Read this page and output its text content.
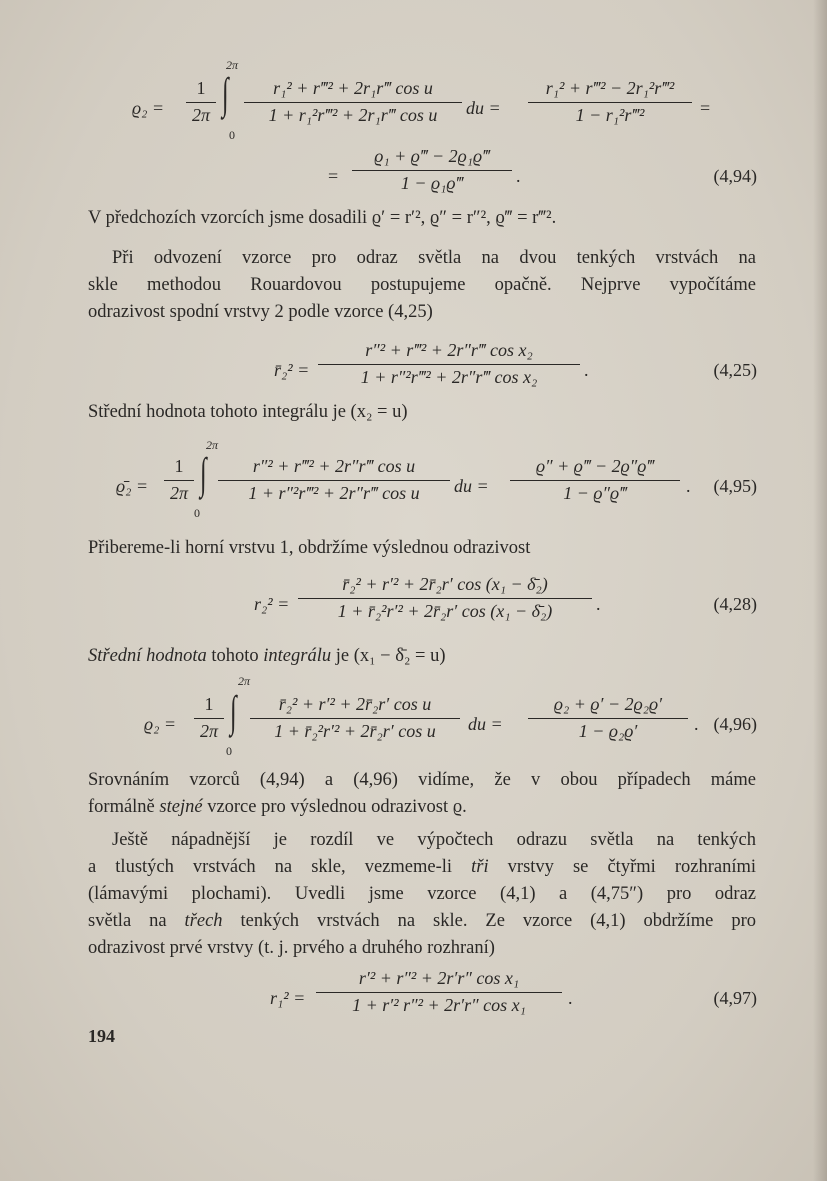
$ϱ_2 = \frac{1}{2\pi}$
2π
∫
0
$\frac{\text{r₁² + r‴² + 2r₁r‴ cos u}}{\text{1 + r₁²r‴² + 2r₁r‴ cos u}}$ du = $\frac{\text{r₁² + r‴² − 2r₁²r‴²}}{\text{1 − r₁²r‴²}}$ =
= $\frac{\text{ϱ₁ + ϱ‴ − 2ϱ₁ϱ‴}}{\text{1 − ϱ₁ϱ‴}}$ .	(4,94)
V předchozích vzorcích jsme dosadili ϱ′ = r′², ϱ″ = r″², ϱ‴ = r‴².
Při odvození vzorce pro odraz světla na dvou tenkých vrstvách na
skle methodou Rouardovou postupujeme opačně. Nejprve vypočítáme
odrazivost spodní vrstvy 2 podle vzorce (4,25)
r̄₂² = $\frac{\text{r″² + r‴² + 2r″r‴ cos x₂}}{\text{1 + r″²r‴² + 2r″r‴ cos x₂}}$ .	(4,25)
Střední hodnota tohoto integrálu je (x₂ = u)
ϱ̄₂ = $\frac{1}{2\pi}$
2π
∫
0
$\frac{\text{r″² + r‴² + 2r″r‴ cos u}}{\text{1 + r″²r‴² + 2r″r‴ cos u}}$ du = $\frac{ϱ'' + ϱ‴ - 2ϱ''ϱ‴}{1 - ϱ''ϱ‴}$ . (4,95)
Přibereme-li horní vrstvu 1, obdržíme výslednou odrazivost
$r_2^2 = \frac{\text{r̄₂² + r′² + 2r̄₂r′ cos (x₁ − δ̄₂)}}{\text{1 + r̄₂²r′² + 2r̄₂r′ cos (x₁ − δ̄₂)}}$ .	(4,28)
Střední hodnota tohoto integrálu je (x₁ − δ̄₂ = u)
$ϱ_2 = \frac{1}{2\pi}$
2π
∫
0
$\frac{\text{r̄₂² + r′² + 2r̄₂r′ cos u}}{\text{1 + r̄₂²r′² + 2r̄₂r′ cos u}}$ du = $\frac{\text{ϱ₂ + ϱ′ − 2ϱ₂ϱ′}}{\text{1 − ϱ₂ϱ′}}$ . (4,96)
Srovnáním vzorců (4,94) a (4,96) vidíme, že v obou případech máme
formálně stejné vzorce pro výslednou odrazivost ϱ.
Ještě nápadnější je rozdíl ve výpočtech odrazu světla na tenkých
a tlustých vrstvách na skle, vezmeme-li tři vrstvy se čtyřmi rozhraními
(lámavými plochami). Uvedli jsme vzorce (4,1) a (4,75″) pro odraz
světla na třech tenkých vrstvách na skle. Ze vzorce (4,1) obdržíme pro
odrazivost prvé vrstvy (t. j. prvého a druhého rozhraní)
$r_1^2 = \frac{\text{r′² + r″² + 2r′r″ cos x₁}}{\text{1 + r′² r″² + 2r′r″ cos x₁}}$ .	(4,97)
194
